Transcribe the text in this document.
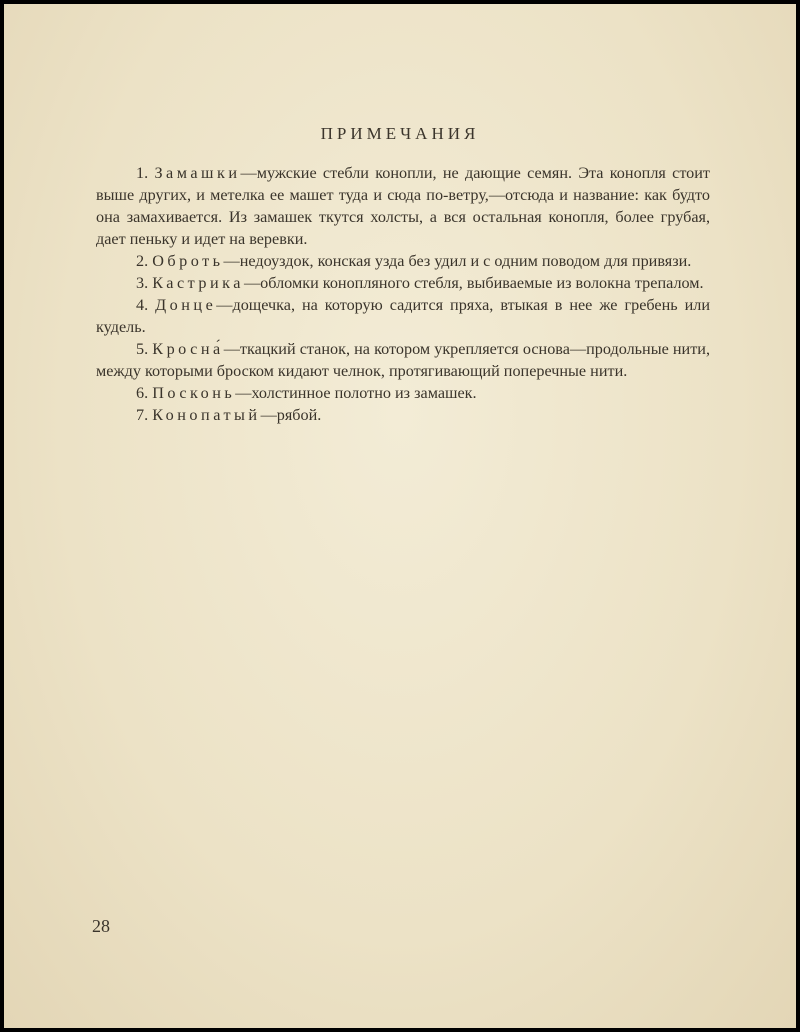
ПРИМЕЧАНИЯ

1. Замашки—мужские стебли конопли, не дающие семян. Эта конопля стоит выше других, и метелка ее машет туда и сюда по-ветру,—отсюда и название: как будто она замахивается. Из замашек ткутся холсты, а вся остальная конопля, более грубая, дает пеньку и идет на веревки.

2. Оброть—недоуздок, конская узда без удил и с одним поводом для привязи.

3. Кастрика—обломки конопляного стебля, выбиваемые из волокна трепалом.

4. Донце—дощечка, на которую садится пряха, втыкая в нее же гребень или кудель.

5. Кросна́—ткацкий станок, на котором укрепляется основа—продольные нити, между которыми броском кидают челнок, протягивающий поперечные нити.

6. Посконь—холстинное полотно из замашек.

7. Конопатый—рябой.

28
